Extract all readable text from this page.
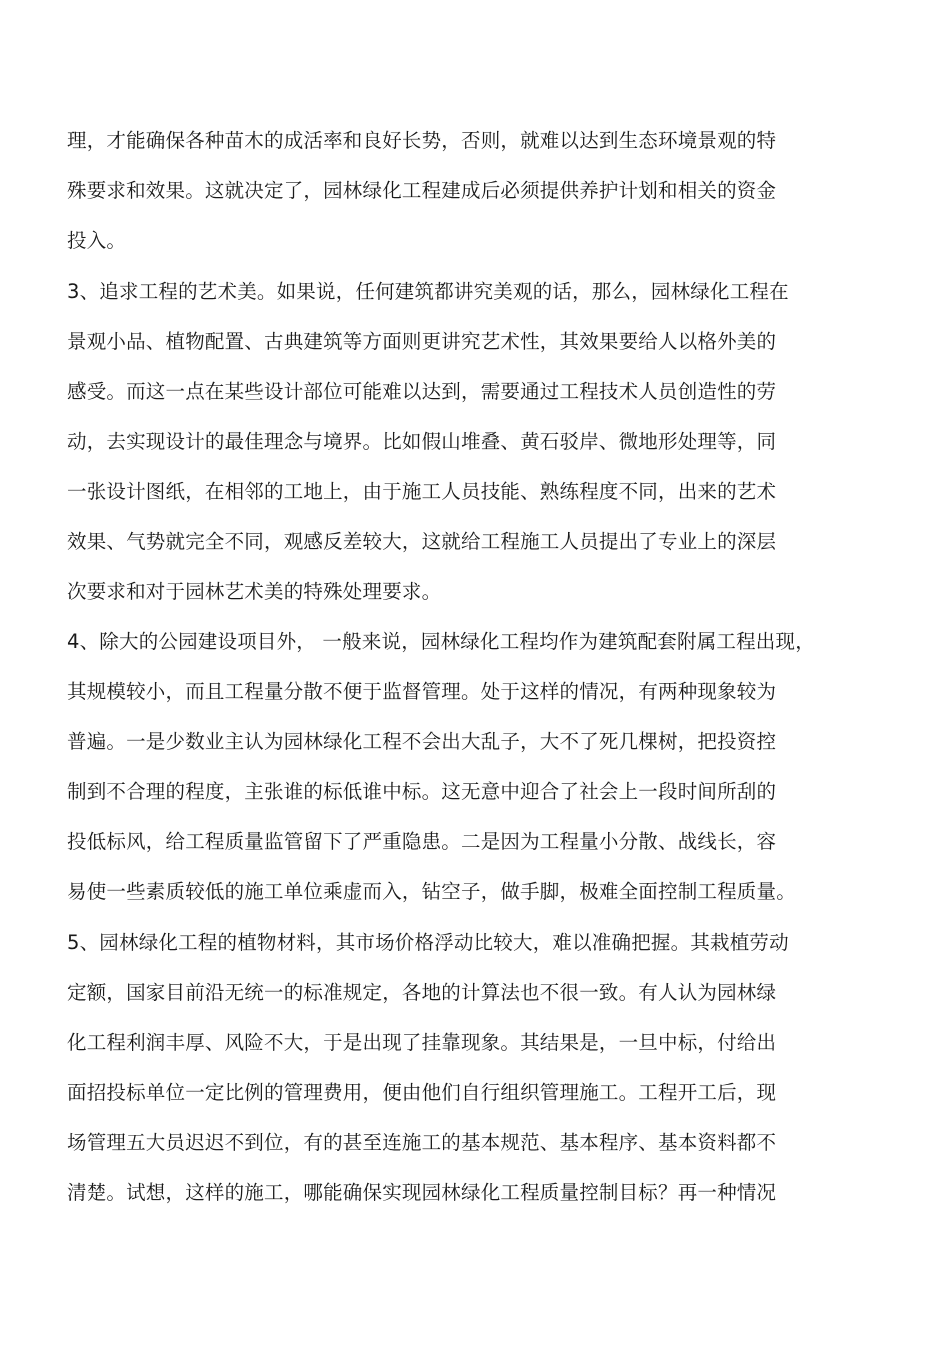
理，才能确保各种苗木的成活率和良好长势，否则，就难以达到生态环境景观的特
殊要求和效果。这就决定了，园林绿化工程建成后必须提供养护计划和相关的资金
投入。
3、追求工程的艺术美。如果说，任何建筑都讲究美观的话，那么，园林绿化工程在
景观小品、植物配置、古典建筑等方面则更讲究艺术性，其效果要给人以格外美的
感受。而这一点在某些设计部位可能难以达到，需要通过工程技术人员创造性的劳
动，去实现设计的最佳理念与境界。比如假山堆叠、黄石驳岸、微地形处理等，同
一张设计图纸，在相邻的工地上，由于施工人员技能、熟练程度不同，出来的艺术
效果、气势就完全不同，观感反差较大，这就给工程施工人员提出了专业上的深层
次要求和对于园林艺术美的特殊处理要求。
4、除大的公园建设项目外， 一般来说，园林绿化工程均作为建筑配套附属工程出现，
其规模较小，而且工程量分散不便于监督管理。处于这样的情况，有两种现象较为
普遍。一是少数业主认为园林绿化工程不会出大乱子，大不了死几棵树，把投资控
制到不合理的程度，主张谁的标低谁中标。这无意中迎合了社会上一段时间所刮的
投低标风，给工程质量监管留下了严重隐患。二是因为工程量小分散、战线长，容
易使一些素质较低的施工单位乘虚而入，钻空子，做手脚，极难全面控制工程质量。
5、园林绿化工程的植物材料，其市场价格浮动比较大，难以准确把握。其栽植劳动
定额，国家目前沿无统一的标准规定，各地的计算法也不很一致。有人认为园林绿
化工程利润丰厚、风险不大，于是出现了挂靠现象。其结果是，一旦中标，付给出
面招投标单位一定比例的管理费用，便由他们自行组织管理施工。工程开工后，现
场管理五大员迟迟不到位，有的甚至连施工的基本规范、基本程序、基本资料都不
清楚。试想，这样的施工，哪能确保实现园林绿化工程质量控制目标？再一种情况
